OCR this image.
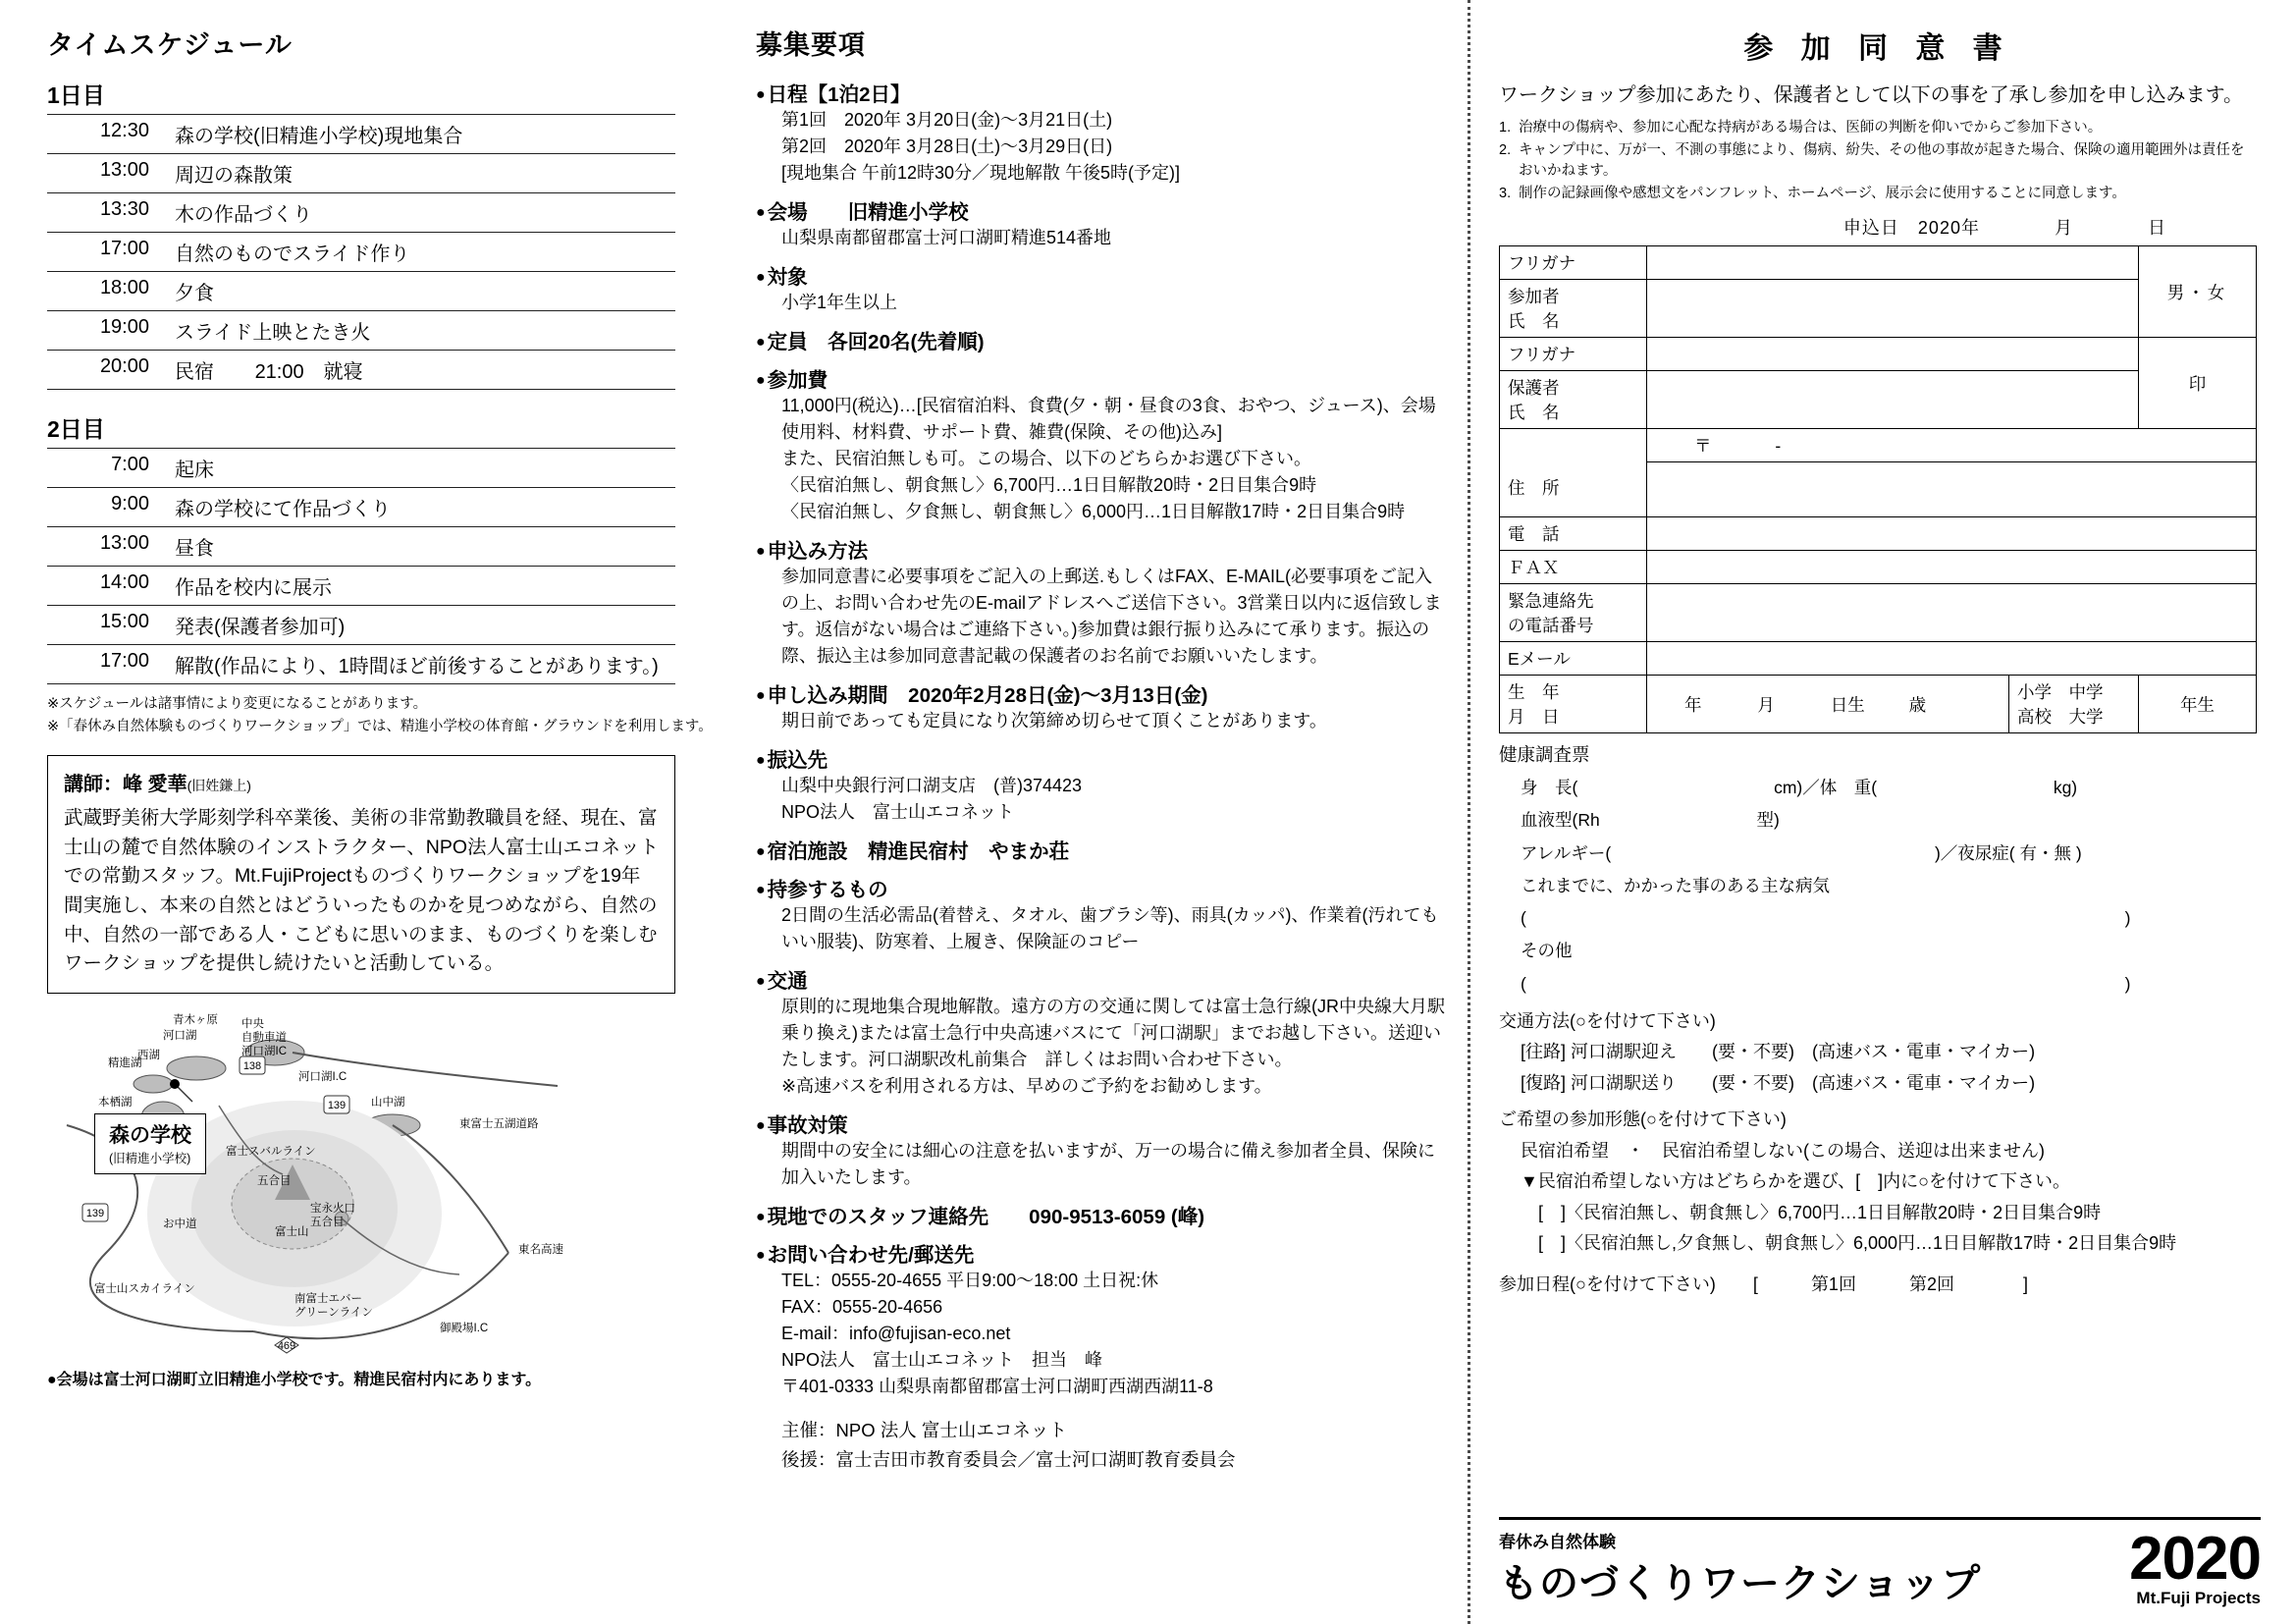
タイムスケジュール
1日目
12:30	森の学校(旧精進小学校)現地集合
13:00	周辺の森散策
13:30	木の作品づくり
17:00	自然のものでスライド作り
18:00	夕食
19:00	スライド上映とたき火
20:00	民宿 21:00　就寝
2日目
7:00	起床
9:00	森の学校にて作品づくり
13:00	昼食
14:00	作品を校内に展示
15:00	発表(保護者参加可)
17:00	解散(作品により、1時間ほど前後することがあります。)
※スケジュールは諸事情により変更になることがあります。
※「春休み自然体験ものづくりワークショップ」では、精進小学校の体育館・グラウンドを利用します。
講師：峰 愛華(旧姓鎌上)

武蔵野美術大学彫刻学科卒業後、美術の非常勤教職員を経、現在、富士山の麓で自然体験のインストラクター、NPO法人富士山エコネットでの常勤スタッフ。Mt.FujiProjectものづくりワークショップを19年間実施し、本来の自然とはどういったものかを見つめながら、自然の中、自然の一部である人・こどもに思いのまま、ものづくりを楽しむワークショップを提供し続けたいと活動している。

138
139
139
469
精進湖
本栖湖
西湖
河口湖
青木ヶ原 中央
自動車道
河口湖IC
河口湖I.C
山中湖
東富士五湖道路
富士スバルライン
五合目
お中道
富士山
宝永火口
五合目
富士山スカイライン
南富士エバー
グリーンライン
東名高速
御殿場I.C
森の学校
(旧精進小学校)
●会場は富士河口湖町立旧精進小学校です。精進民宿村内にあります。
募集要項
●日程【1泊2日】
第1回　2020年 3月20日(金)～3月21日(土)
第2回　2020年 3月28日(土)～3月29日(日)
[現地集合 午前12時30分／現地解散 午後5時(予定)]
●会場　　旧精進小学校
山梨県南都留郡富士河口湖町精進514番地
●対象
小学1年生以上
●定員　各回20名(先着順)
●参加費
11,000円(税込)…[民宿宿泊料、食費(夕・朝・昼食の3食、おやつ、ジュース)、会場使用料、材料費、サポート費、雑費(保険、その他)込み]
また、民宿泊無しも可。この場合、以下のどちらかお選び下さい。
〈民宿泊無し、朝食無し〉6,700円…1日目解散20時・2日目集合9時
〈民宿泊無し、夕食無し、朝食無し〉6,000円…1日目解散17時・2日目集合9時
●申込み方法
参加同意書に必要事項をご記入の上郵送.もしくはFAX、E-MAIL(必要事項をご記入の上、お問い合わせ先のE-mailアドレスへご送信下さい。3営業日以内に返信致します。返信がない場合はご連絡下さい。)参加費は銀行振り込みにて承ります。振込の際、振込主は参加同意書記載の保護者のお名前でお願いいたします。
●申し込み期間　2020年2月28日(金)～3月13日(金)
期日前であっても定員になり次第締め切らせて頂くことがあります。
●振込先
山梨中央銀行河口湖支店　(普)374423
NPO法人　富士山エコネット
●宿泊施設　精進民宿村　やまか荘
●持参するもの
2日間の生活必需品(着替え、タオル、歯ブラシ等)、雨具(カッパ)、作業着(汚れてもいい服装)、防寒着、上履き、保険証のコピー
●交通
原則的に現地集合現地解散。遠方の方の交通に関しては富士急行線(JR中央線大月駅乗り換え)または富士急行中央高速バスにて「河口湖駅」までお越し下さい。送迎いたします。河口湖駅改札前集合　詳しくはお問い合わせ下さい。
※高速バスを利用される方は、早めのご予約をお勧めします。
●事故対策
期間中の安全には細心の注意を払いますが、万一の場合に備え参加者全員、保険に加入いたします。
●現地でのスタッフ連絡先　　090-9513-6059 (峰)
●お問い合わせ先/郵送先
TEL：0555-20-4655 平日9:00～18:00 土日祝:休
FAX：0555-20-4656
E-mail：info@fujisan-eco.net
NPO法人　富士山エコネット　担当　峰
〒401-0333 山梨県南都留郡富士河口湖町西湖西湖11-8
主催：NPO 法人 富士山エコネット
後援：富士吉田市教育委員会／富士河口湖町教育委員会
参 加 同 意 書
ワークショップ参加にあたり、保護者として以下の事を了承し参加を申し込みます。
1. 治療中の傷病や、参加に心配な持病がある場合は、医師の判断を仰いでからご参加下さい。
2. キャンプ中に、万が一、不測の事態により、傷病、紛失、その他の事故が起きた場合、保険の適用範囲外は責任をおいかねます。
3. 制作の記録画像や感想文をパンフレット、ホームページ、展示会に使用することに同意します。
申込日　2020年	月	日
フリガナ			男・女

参加者
氏　名			

フリガナ			印

保護者
氏　名			

住　所	〒 -		

電　話			
ＦＡＸ			

緊急連絡先
の電話番号			

Eメール			

生　年
月　日
	年	月	日生	歳	
小学　中学
高校　大学
	年生
健康調査票
身　長(	cm)／体　重(	kg)
血液型(Rh	型)
アレルギー(	)／夜尿症( 有・無 )
これまでに、かかった事のある主な病気
(	)
その他
(	)
交通方法(○を付けて下さい)
[往路] 河口湖駅迎え　　(要・不要)　(高速バス・電車・マイカー)
[復路] 河口湖駅送り　　(要・不要)　(高速バス・電車・マイカー)
ご希望の参加形態(○を付けて下さい)
民宿泊希望　・　民宿泊希望しない(この場合、送迎は出来ません)
▼民宿泊希望しない方はどちらかを選び、[　]内に○を付けて下さい。
[　]〈民宿泊無し、朝食無し〉6,700円…1日目解散20時・2日目集合9時
[　]〈民宿泊無し,夕食無し、朝食無し〉6,000円…1日目解散17時・2日目集合9時
参加日程(○を付けて下さい) [	第1回	第2回	]
春休み自然体験
ものづくりワークショップ 2020
Mt.Fuji Projects
